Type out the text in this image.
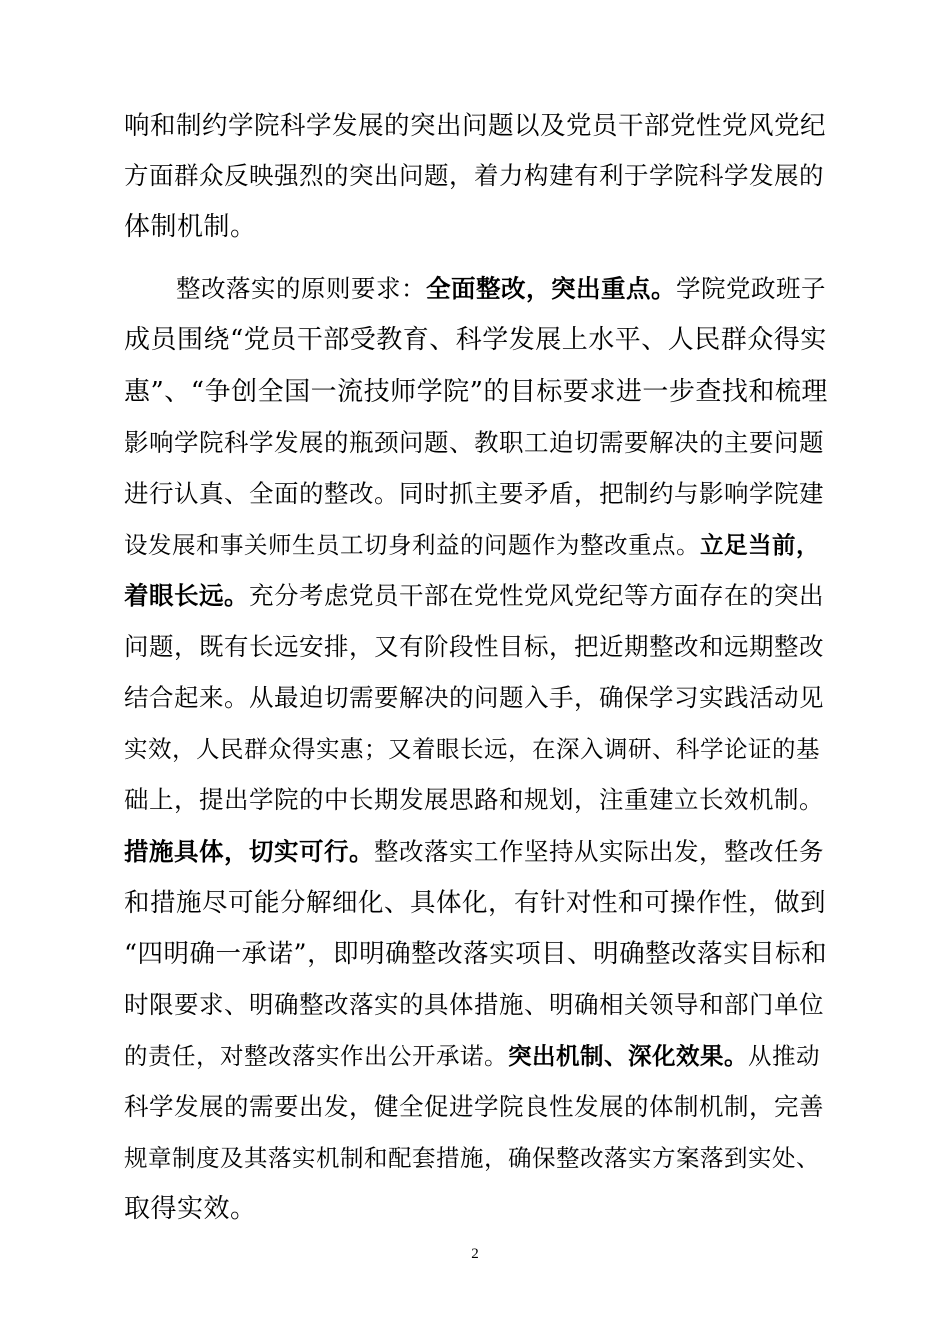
响和制约学院科学发展的突出问题以及党员干部党性党风党纪
方面群众反映强烈的突出问题，着力构建有利于学院科学发展的
体制机制。
整改落实的原则要求：全面整改，突出重点。学院党政班子
成员围绕“党员干部受教育、科学发展上水平、人民群众得实
惠”、“争创全国一流技师学院”的目标要求进一步查找和梳理
影响学院科学发展的瓶颈问题、教职工迫切需要解决的主要问题
进行认真、全面的整改。同时抓主要矛盾，把制约与影响学院建
设发展和事关师生员工切身利益的问题作为整改重点。立足当前，
着眼长远。充分考虑党员干部在党性党风党纪等方面存在的突出
问题，既有长远安排，又有阶段性目标，把近期整改和远期整改
结合起来。从最迫切需要解决的问题入手，确保学习实践活动见
实效，人民群众得实惠；又着眼长远，在深入调研、科学论证的基
础上，提出学院的中长期发展思路和规划，注重建立长效机制。
措施具体，切实可行。整改落实工作坚持从实际出发，整改任务
和措施尽可能分解细化、具体化，有针对性和可操作性，做到
“四明确一承诺”，即明确整改落实项目、明确整改落实目标和
时限要求、明确整改落实的具体措施、明确相关领导和部门单位
的责任，对整改落实作出公开承诺。突出机制、深化效果。从推动
科学发展的需要出发，健全促进学院良性发展的体制机制，完善
规章制度及其落实机制和配套措施，确保整改落实方案落到实处、
取得实效。
2
